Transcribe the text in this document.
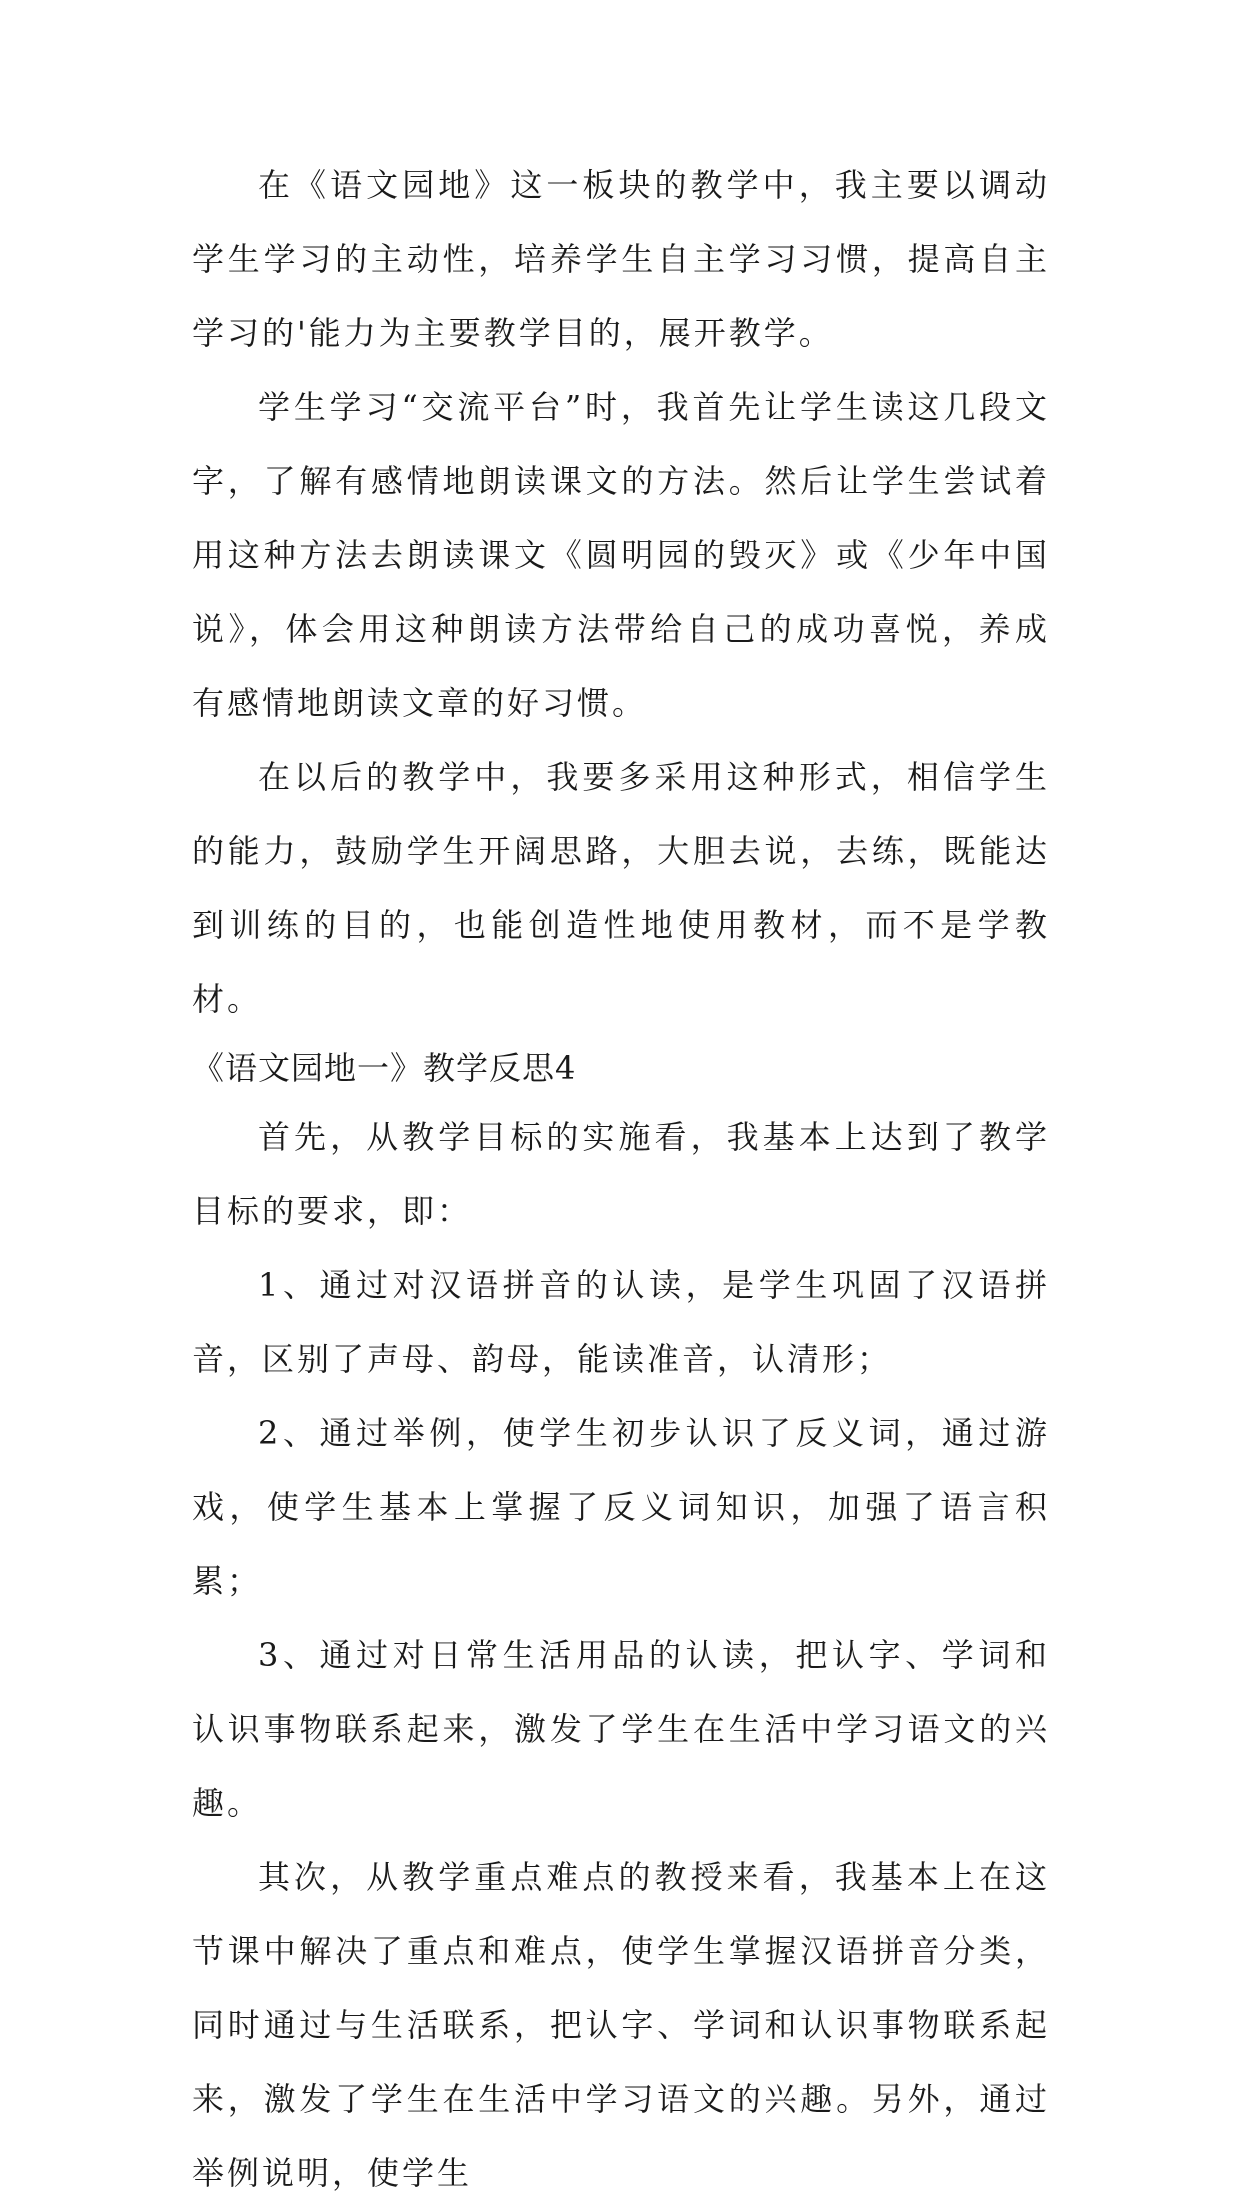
在《语文园地》这一板块的教学中，我主要以调动学生学习的主动性，培养学生自主学习习惯，提高自主学习的'能力为主要教学目的，展开教学。

学生学习“交流平台”时，我首先让学生读这几段文字，了解有感情地朗读课文的方法。然后让学生尝试着用这种方法去朗读课文《圆明园的毁灭》或《少年中国说》，体会用这种朗读方法带给自己的成功喜悦，养成有感情地朗读文章的好习惯。

在以后的教学中，我要多采用这种形式，相信学生的能力，鼓励学生开阔思路，大胆去说，去练，既能达到训练的目的，也能创造性地使用教材，而不是学教材。

《语文园地一》教学反思4

首先，从教学目标的实施看，我基本上达到了教学目标的要求，即：

1、通过对汉语拼音的认读，是学生巩固了汉语拼音，区别了声母、韵母，能读准音，认清形；

2、通过举例，使学生初步认识了反义词，通过游戏，使学生基本上掌握了反义词知识，加强了语言积累；

3、通过对日常生活用品的认读，把认字、学词和认识事物联系起来，激发了学生在生活中学习语文的兴趣。

其次，从教学重点难点的教授来看，我基本上在这节课中解决了重点和难点，使学生掌握汉语拼音分类，同时通过与生活联系，把认字、学词和认识事物联系起来，激发了学生在生活中学习语文的兴趣。另外，通过举例说明，使学生
